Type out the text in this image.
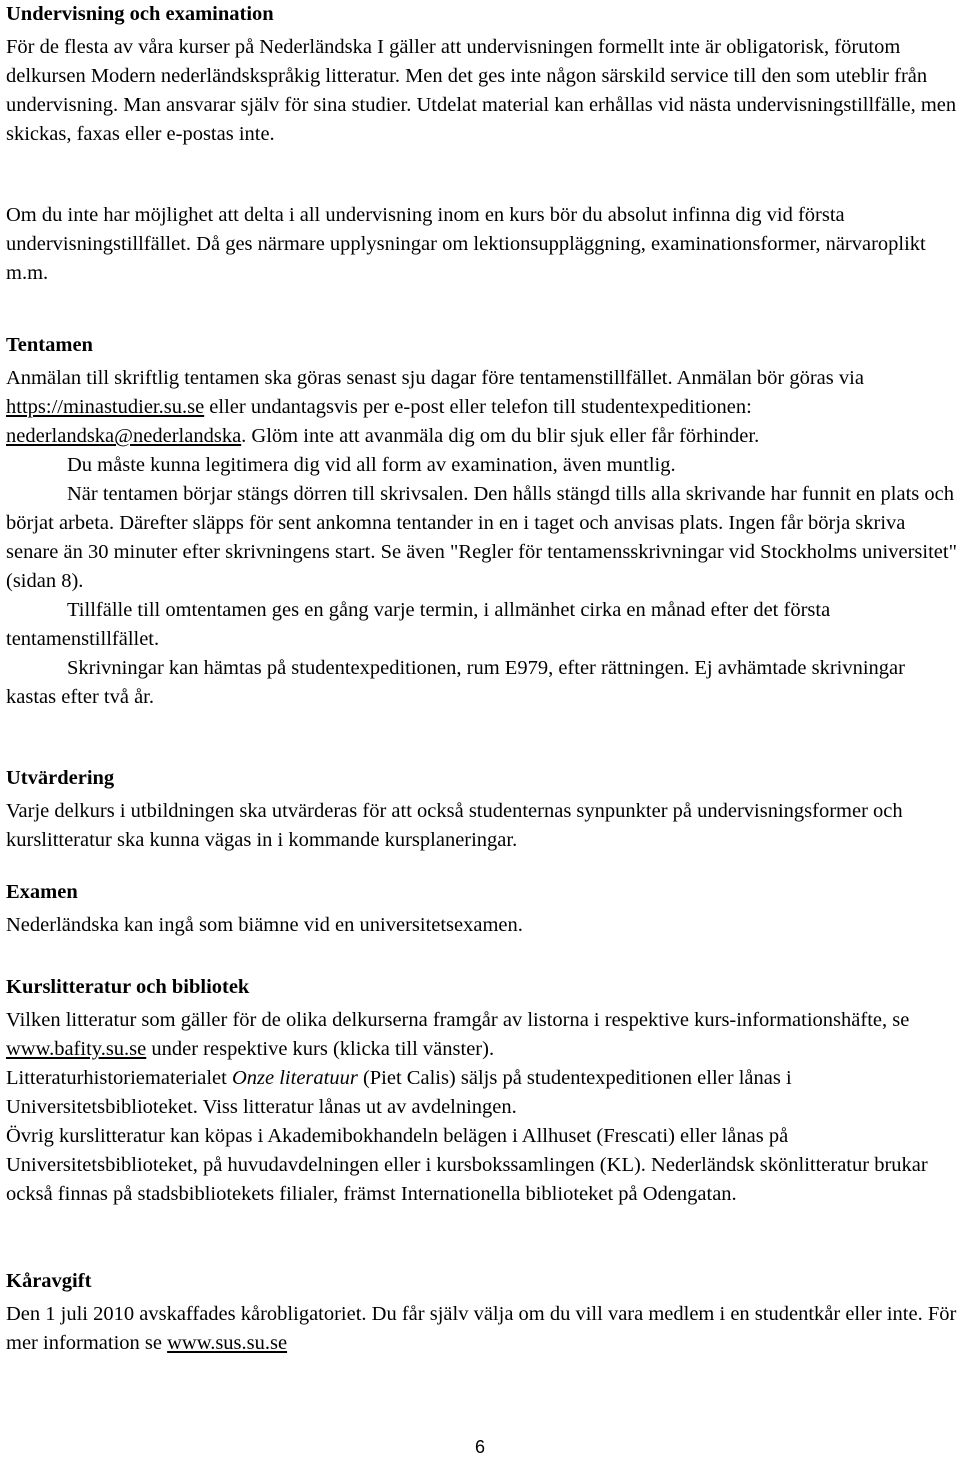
Undervisning och examination

För de flesta av våra kurser på Nederländska I gäller att undervisningen formellt inte är obligatorisk, förutom delkursen Modern nederländskspråkig litteratur. Men det ges inte någon särskild service till den som uteblir från undervisning. Man ansvarar själv för sina studier. Utdelat material kan erhållas vid nästa undervisningstillfälle, men skickas, faxas eller e-postas inte.

Om du inte har möjlighet att delta i all undervisning inom en kurs bör du absolut infinna dig vid första undervisningstillfället. Då ges närmare upplysningar om lektionsuppläggning, examinationsformer, närvaroplikt m.m.

Tentamen

Anmälan till skriftlig tentamen ska göras senast sju dagar före tentamenstillfället. Anmälan bör göras via https://minastudier.su.se eller undantagsvis per e-post eller telefon till studentexpeditionen: nederlandska@nederlandska. Glöm inte att avanmäla dig om du blir sjuk eller får förhinder.

Du måste kunna legitimera dig vid all form av examination, även muntlig.

När tentamen börjar stängs dörren till skrivsalen. Den hålls stängd tills alla skrivande har funnit en plats och börjat arbeta. Därefter släpps för sent ankomna tentander in en i taget och anvisas plats. Ingen får börja skriva senare än 30 minuter efter skrivningens start. Se även "Regler för tentamensskrivningar vid Stockholms universitet" (sidan 8).

Tillfälle till omtentamen ges en gång varje termin, i allmänhet cirka en månad efter det första tentamenstillfället.

Skrivningar kan hämtas på studentexpeditionen, rum E979, efter rättningen. Ej avhämtade skrivningar kastas efter två år.

Utvärdering

Varje delkurs i utbildningen ska utvärderas för att också studenternas synpunkter på undervisningsformer och kurslitteratur ska kunna vägas in i kommande kursplaneringar.

Examen

Nederländska kan ingå som biämne vid en universitetsexamen.

Kurslitteratur och bibliotek

Vilken litteratur som gäller för de olika delkurserna framgår av listorna i respektive kurs-informationshäfte, se www.bafity.su.se under respektive kurs (klicka till vänster).

Litteraturhistoriematerialet Onze literatuur (Piet Calis) säljs på studentexpeditionen eller lånas i Universitetsbiblioteket. Viss litteratur lånas ut av avdelningen.

Övrig kurslitteratur kan köpas i Akademibokhandeln belägen i Allhuset (Frescati) eller lånas på Universitetsbiblioteket, på huvudavdelningen eller i kursbokssamlingen (KL). Nederländsk skönlitteratur brukar också finnas på stadsbibliotekets filialer, främst Internationella biblioteket på Odengatan.

Kåravgift

Den 1 juli 2010 avskaffades kårobligatoriet. Du får själv välja om du vill vara medlem i en studentkår eller inte. För mer information se www.sus.su.se

6
